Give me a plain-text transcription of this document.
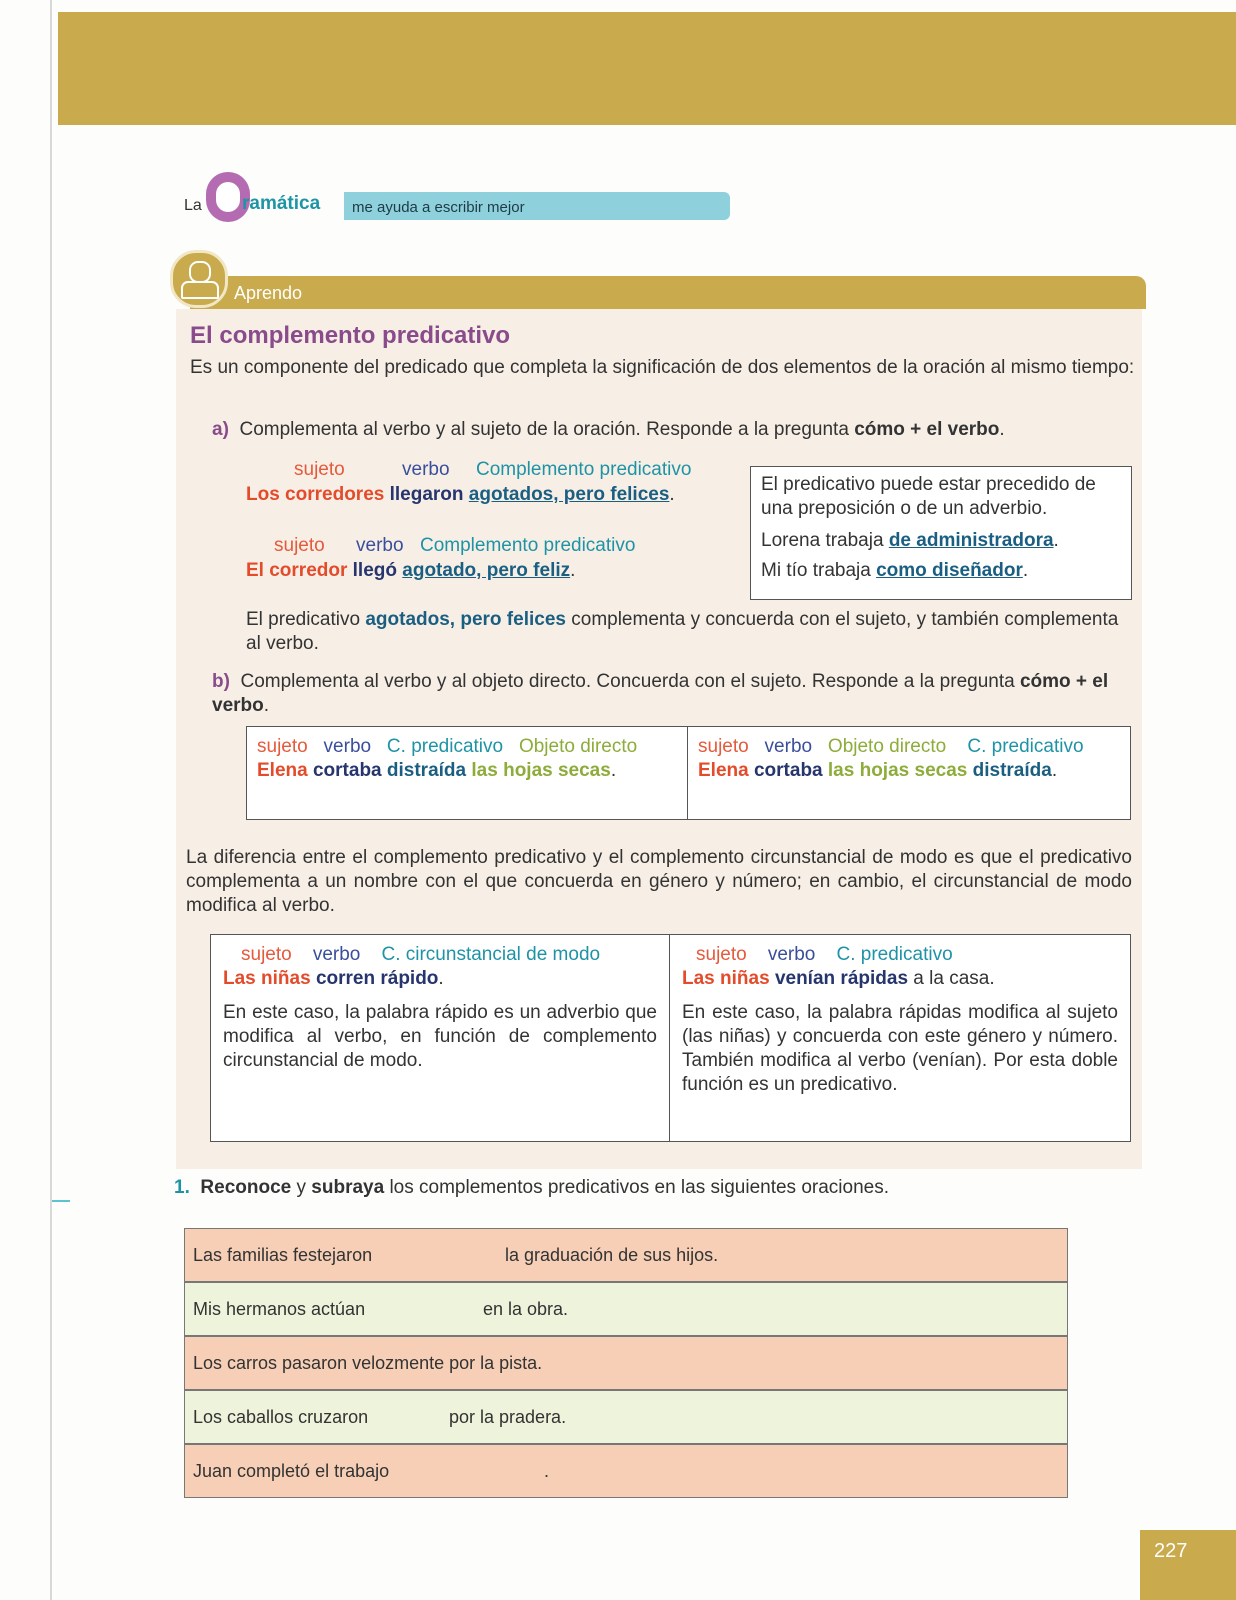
La ramática me ayuda a escribir mejor
Aprendo
El complemento predicativo
Es un componente del predicado que completa la significación de dos elementos de la oración al mismo tiempo:
a) Complementa al verbo y al sujeto de la oración. Responde a la pregunta cómo + el verbo.
sujeto	verbo Complemento predicativo
Los corredores llegaron agotados, pero felices.
sujeto verbo Complemento predicativo
El corredor llegó agotado, pero feliz.
El predicativo puede estar precedido de una preposición o de un adverbio.
Lorena trabaja de administradora.
Mi tío trabaja como diseñador.
El predicativo agotados, pero felices complementa y concuerda con el sujeto, y también complementa al verbo.
b) Complementa al verbo y al objeto directo. Concuerda con el sujeto. Responde a la pregunta cómo + el verbo.
sujeto verbo C. predicativo Objeto directo
Elena cortaba distraída las hojas secas.
sujeto verbo Objeto directo C. predicativo
Elena cortaba las hojas secas distraída.
La diferencia entre el complemento predicativo y el complemento circunstancial de modo es que el predicativo complementa a un nombre con el que concuerda en género y número; en cambio, el circunstancial de modo modifica al verbo.
sujeto verbo C. circunstancial de modo
Las niñas corren rápido.
En este caso, la palabra rápido es un adverbio que modifica al verbo, en función de complemento circunstancial de modo.
sujeto verbo C. predicativo
Las niñas venían rápidas a la casa.
En este caso, la palabra rápidas modifica al sujeto (las niñas) y concuerda con este género y número. También modifica al verbo (venían). Por esta doble función es un predicativo.
1. Reconoce y subraya los complementos predicativos en las siguientes oraciones.
Las familias festejaron	la graduación de sus hijos.
Mis hermanos actúan	en la obra.
Los carros pasaron velozmente por la pista.
Los caballos cruzaron	por la pradera.
Juan completó el trabajo	.
227
